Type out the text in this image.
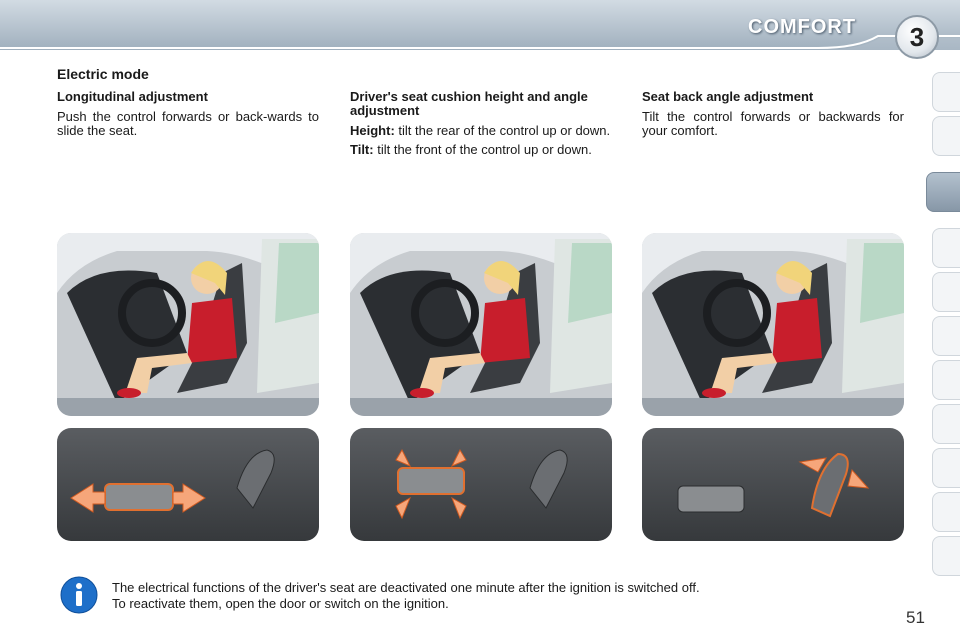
COMFORT	3
Electric mode
Longitudinal adjustment

Push the control forwards or back-wards to slide the seat.

Driver's seat cushion height and angle adjustment

Height: tilt the rear of the control up or down.

Tilt: tilt the front of the control up or down.

Seat back angle adjustment

Tilt the control forwards or backwards for your comfort.

The electrical functions of the driver's seat are deactivated one minute after the ignition is switched off.
To reactivate them, open the door or switch on the ignition.
51
